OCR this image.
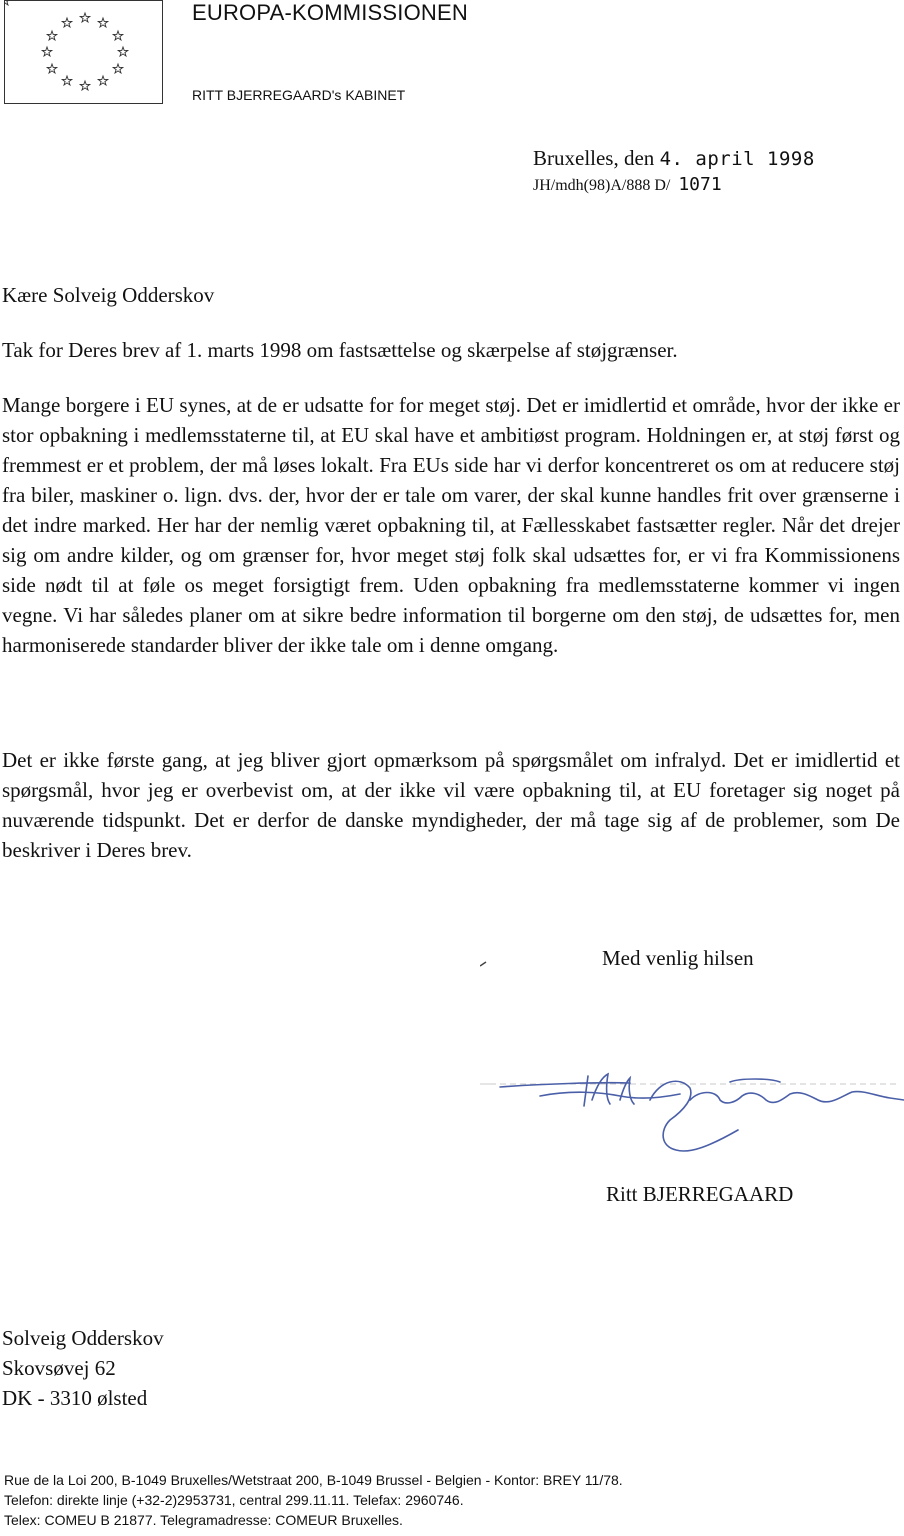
EUROPA-KOMMISSIONEN
RITT BJERREGAARD's KABINET
Bruxelles, den 4. april 1998
JH/mdh(98)A/888 D/ 1071
Kære Solveig Odderskov

Tak for Deres brev af 1. marts 1998 om fastsættelse og skærpelse af støjgrænser.

Mange borgere i EU synes, at de er udsatte for for meget støj. Det er imidlertid et område, hvor der ikke er stor opbakning i medlemsstaterne til, at EU skal have et ambitiøst program. Holdningen er, at støj først og fremmest er et problem, der må løses lokalt. Fra EUs side har vi derfor koncentreret os om at reducere støj fra biler, maskiner o. lign. dvs. der, hvor der er tale om varer, der skal kunne handles frit over grænserne i det indre marked. Her har der nemlig været opbakning til, at Fællesskabet fastsætter regler. Når det drejer sig om andre kilder, og om grænser for, hvor meget støj folk skal udsættes for, er vi fra Kommissionens side nødt til at føle os meget forsigtigt frem. Uden opbakning fra medlemsstaterne kommer vi ingen vegne. Vi har således planer om at sikre bedre information til borgerne om den støj, de udsættes for, men harmoniserede standarder bliver der ikke tale om i denne omgang.

Det er ikke første gang, at jeg bliver gjort opmærksom på spørgsmålet om infralyd. Det er imidlertid et spørgsmål, hvor jeg er overbevist om, at der ikke vil være opbakning til, at EU foretager sig noget på nuværende tidspunkt. Det er derfor de danske myndigheder, der må tage sig af de problemer, som De beskriver i Deres brev.

Med venlig hilsen
Ritt BJERREGAARD
Solveig Odderskov
Skovsøvej 62
DK - 3310 ølsted
Rue de la Loi 200, B-1049 Bruxelles/Wetstraat 200, B-1049 Brussel - Belgien - Kontor: BREY 11/78.
Telefon: direkte linje (+32-2)2953731, central 299.11.11. Telefax: 2960746.
Telex: COMEU B 21877. Telegramadresse: COMEUR Bruxelles.
